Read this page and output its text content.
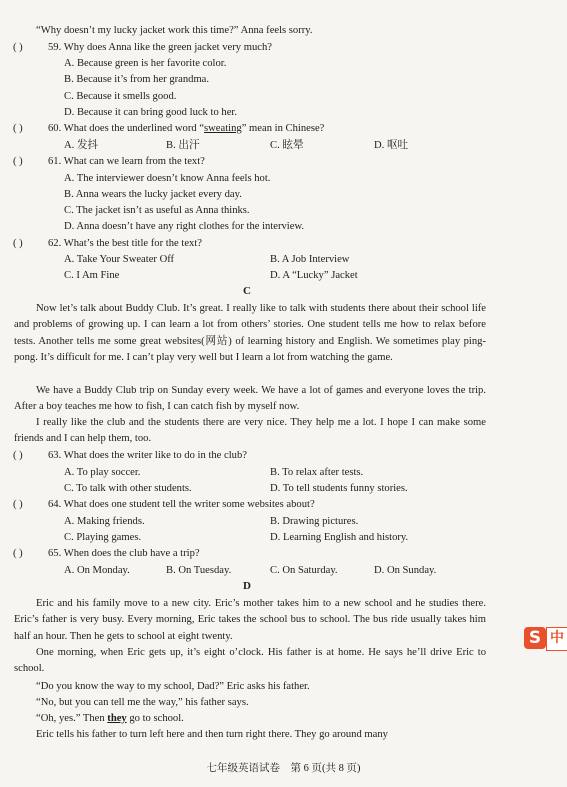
“Why doesn’t my lucky jacket work this time?” Anna feels sorry.
( ) 59. Why does Anna like the green jacket very much?
A. Because green is her favorite color.
B. Because it’s from her grandma.
C. Because it smells good.
D. Because it can bring good luck to her.
( ) 60. What does the underlined word “sweating” mean in Chinese?
A. 发抖	B. 出汗	C. 眩晕	D. 呕吐
( ) 61. What can we learn from the text?
A. The interviewer doesn’t know Anna feels hot.
B. Anna wears the lucky jacket every day.
C. The jacket isn’t as useful as Anna thinks.
D. Anna doesn’t have any right clothes for the interview.
( ) 62. What’s the best title for the text?
A. Take Your Sweater Off	B. A Job Interview
C. I Am Fine	D. A “Lucky” Jacket
C
Now let’s talk about Buddy Club. It’s great. I really like to talk with students there about their school life and problems of growing up. I can learn a lot from others’ stories. One student tells me how to relax before tests. Another tells me some great websites(网站) of learning history and English. We sometimes play ping-pong. It’s difficult for me. I can’t play very well but I learn a lot from watching the game.
We have a Buddy Club trip on Sunday every week. We have a lot of games and everyone loves the trip. After a boy teaches me how to fish, I can catch fish by myself now.
I really like the club and the students there are very nice. They help me a lot. I hope I can make some friends and I can help them, too.
( ) 63. What does the writer like to do in the club?
A. To play soccer.	B. To relax after tests.
C. To talk with other students.	D. To tell students funny stories.
( ) 64. What does one student tell the writer some websites about?
A. Making friends.	B. Drawing pictures.
C. Playing games.	D. Learning English and history.
( ) 65. When does the club have a trip?
A. On Monday.	B. On Tuesday.	C. On Saturday.	D. On Sunday.
D
Eric and his family move to a new city. Eric’s mother takes him to a new school and he studies there. Eric’s father is very busy. Every morning, Eric takes the school bus to school. The bus ride usually takes him half an hour. Then he gets to school at eight twenty.
One morning, when Eric gets up, it’s eight o’clock. His father is at home. He says he’ll drive Eric to school.
“Do you know the way to my school, Dad?” Eric asks his father.
“No, but you can tell me the way,” his father says.
“Oh, yes.” Then they go to school.
Eric tells his father to turn left here and then turn right there. They go around many
七年级英语试卷　第 6 页(共 8 页)
S 中
